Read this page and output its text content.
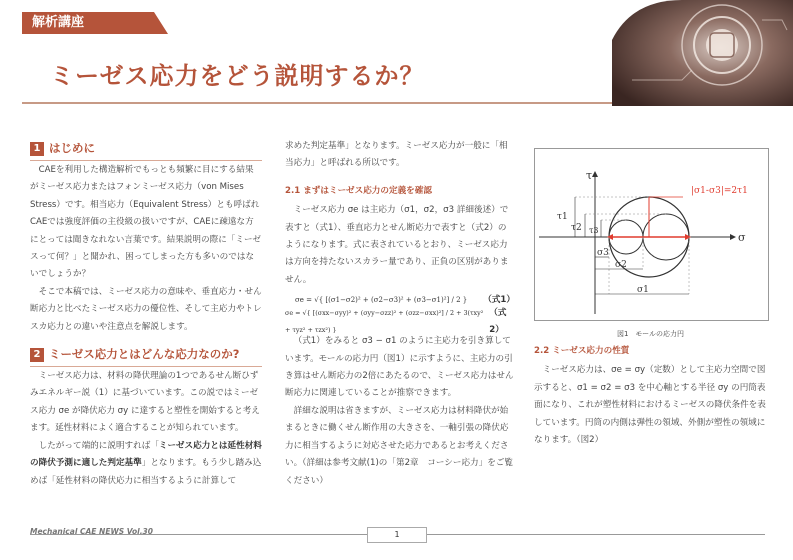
解析講座
ミーゼス応力をどう説明するか？
1 はじめに

CAEを利用した構造解析でもっとも頻繁に目にする結果がミーゼス応力またはフォンミーゼス応力（von Mises Stress）です。相当応力（Equivalent Stress）とも呼ばれCAEでは強度評価の主役級の扱いですが、CAEに疎遠な方にとっては聞きなれない言葉です。結果説明の際に「ミーゼスって何？」と聞かれ、困ってしまった方も多いのではないでしょうか？

そこで本稿では、ミーゼス応力の意味や、垂直応力・せん断応力と比べたミーゼス応力の優位性、そして主応力やトレスカ応力との違いや注意点を解説します。

2 ミーゼス応力とはどんな応力なのか?

ミーゼス応力は、材料の降伏理論の1つであるせん断ひずみエネルギー説（1）に基づいています。この説ではミーゼス応力 σe が降伏応力 σy に達すると塑性を開始すると考えます。延性材料によく適合することが知られています。

したがって端的に説明すれば「ミーゼス応力とは延性材料の降伏予測に適した判定基準」となります。もう少し踏み込めば「延性材料の降伏応力に相当するように計算して

求めた判定基準」となります。ミーゼス応力が一般に「相当応力」と呼ばれる所以です。

2.1 まずはミーゼス応力の定義を確認

ミーゼス応力 σe は主応力（σ1，σ2，σ3 詳細後述）で表すと（式1）、垂直応力とせん断応力で表すと（式2）のようになります。式に表されているとおり、ミーゼス応力は方向を持たないスカラー量であり、正負の区別がありません。

σe = √{ [(σ1−σ2)² + (σ2−σ3)² + (σ3−σ1)²] / 2 } （式1）
σe = √{ [(σxx−σyy)² + (σyy−σzz)² + (σzz−σxx)²] / 2 + 3(τxy² + τyz² + τzx²) }
（式2）

（式1）をみると σ3 − σ1 のように主応力を引き算しています。モールの応力円（図1）に示すように、主応力の引き算はせん断応力の2倍にあたるので、ミーゼス応力はせん断応力に関連していることが推察できます。

詳細な説明は省きますが、ミーゼス応力は材料降伏が始まるときに働くせん断作用の大きさを、一軸引張の降伏応力に相当するように対応させた応力であるとお考えください。（詳細は参考文献(1)の「第2章　コーシー応力」をご覧ください）

τ
σ
τ1
τ2 τ3
σ3
σ2
σ1
|σ1-σ3|=2τ1
図1　モールの応力円
2.2 ミーゼス応力の性質

ミーゼス応力は、σe = σy（定数）として主応力空間で図示すると、σ1 = σ2 = σ3 を中心軸とする半径 σy の円筒表面になり、これが塑性材料におけるミーゼスの降伏条件を表しています。円筒の内側は弾性の領域、外側が塑性の領域になります。（図2）

Mechanical CAE NEWS Vol.30	1
